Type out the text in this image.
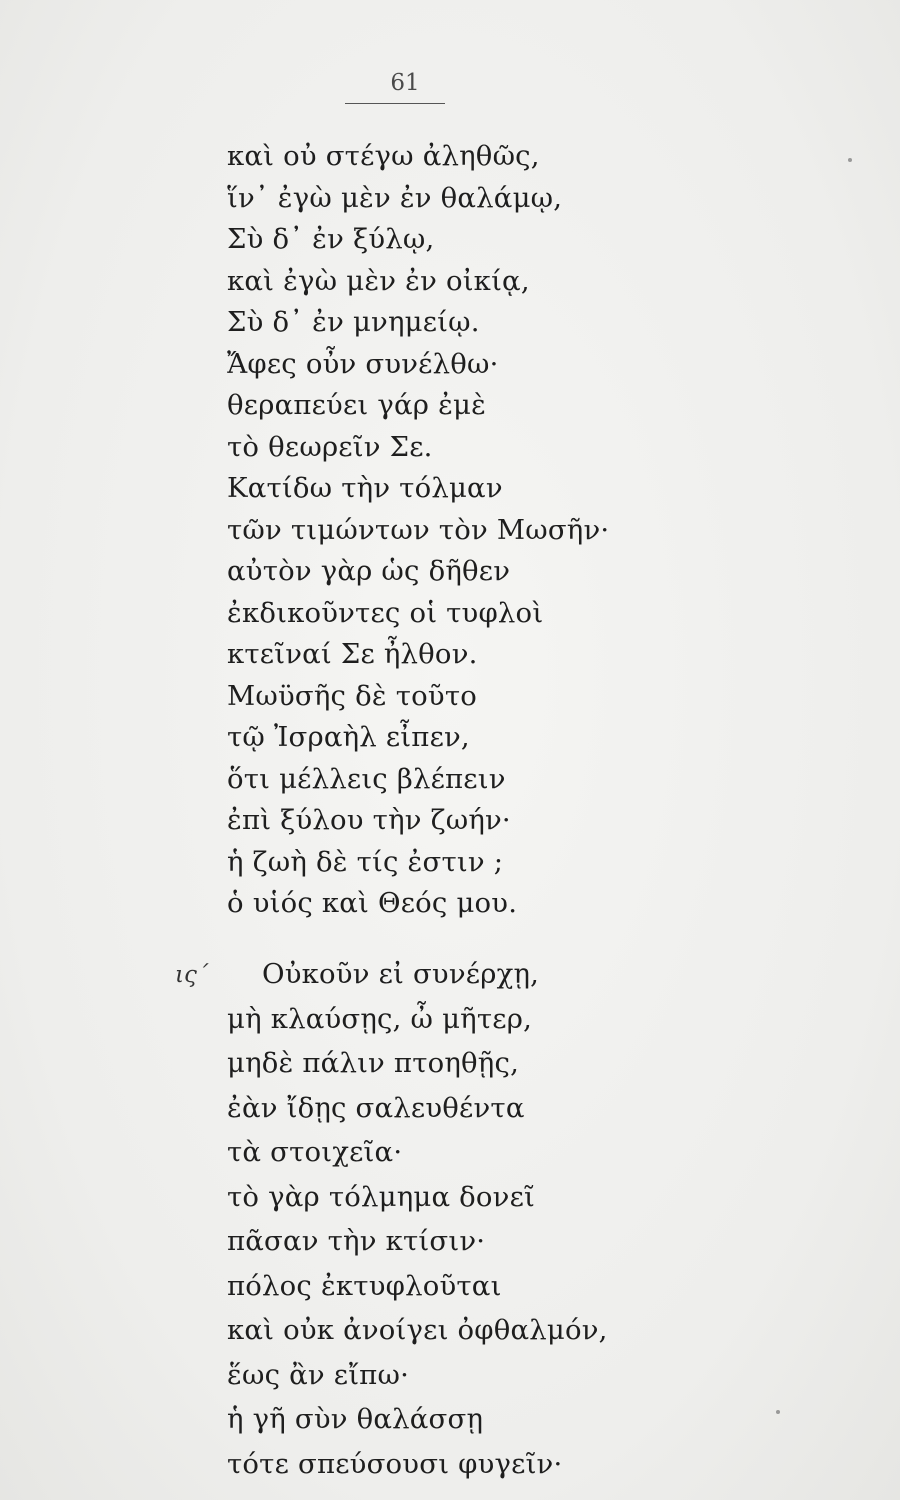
61
καὶ οὐ στέγω ἀληθῶς,
ἵν᾽ ἐγὼ μὲν ἐν θαλάμῳ,
Σὺ δ᾽ ἐν ξύλῳ,
καὶ ἐγὼ μὲν ἐν οἰκίᾳ,
Σὺ δ᾽ ἐν μνημείῳ.
Ἄφες οὖν συνέλθω·
θεραπεύει γάρ ἐμὲ
τὸ θεωρεῖν Σε.
Κατίδω τὴν τόλμαν
τῶν τιμώντων τὸν Μωσῆν·
αὐτὸν γὰρ ὡς δῆθεν
ἐκδικοῦντες οἱ τυφλοὶ
κτεῖναί Σε ἦλθον.
Μωϋσῆς δὲ τοῦτο
τῷ Ἰσραὴλ εἶπεν,
ὅτι μέλλεις βλέπειν
ἐπὶ ξύλου τὴν ζωήν·
ἡ ζωὴ δὲ τίς ἐστιν ;
ὁ υἱός καὶ Θεός μου.
ις´ Οὐκοῦν εἰ συνέρχῃ,
μὴ κλαύσῃς, ὦ μῆτερ,
μηδὲ πάλιν πτοηθῇς,
ἐὰν ἴδῃς σαλευθέντα
τὰ στοιχεῖα·
τὸ γὰρ τόλμημα δονεῖ
πᾶσαν τὴν κτίσιν·
πόλος ἐκτυφλοῦται
καὶ οὐκ ἀνοίγει ὀφθαλμόν,
ἕως ἂν εἴπω·
ἡ γῆ σὺν θαλάσσῃ
τότε σπεύσουσι φυγεῖν·
